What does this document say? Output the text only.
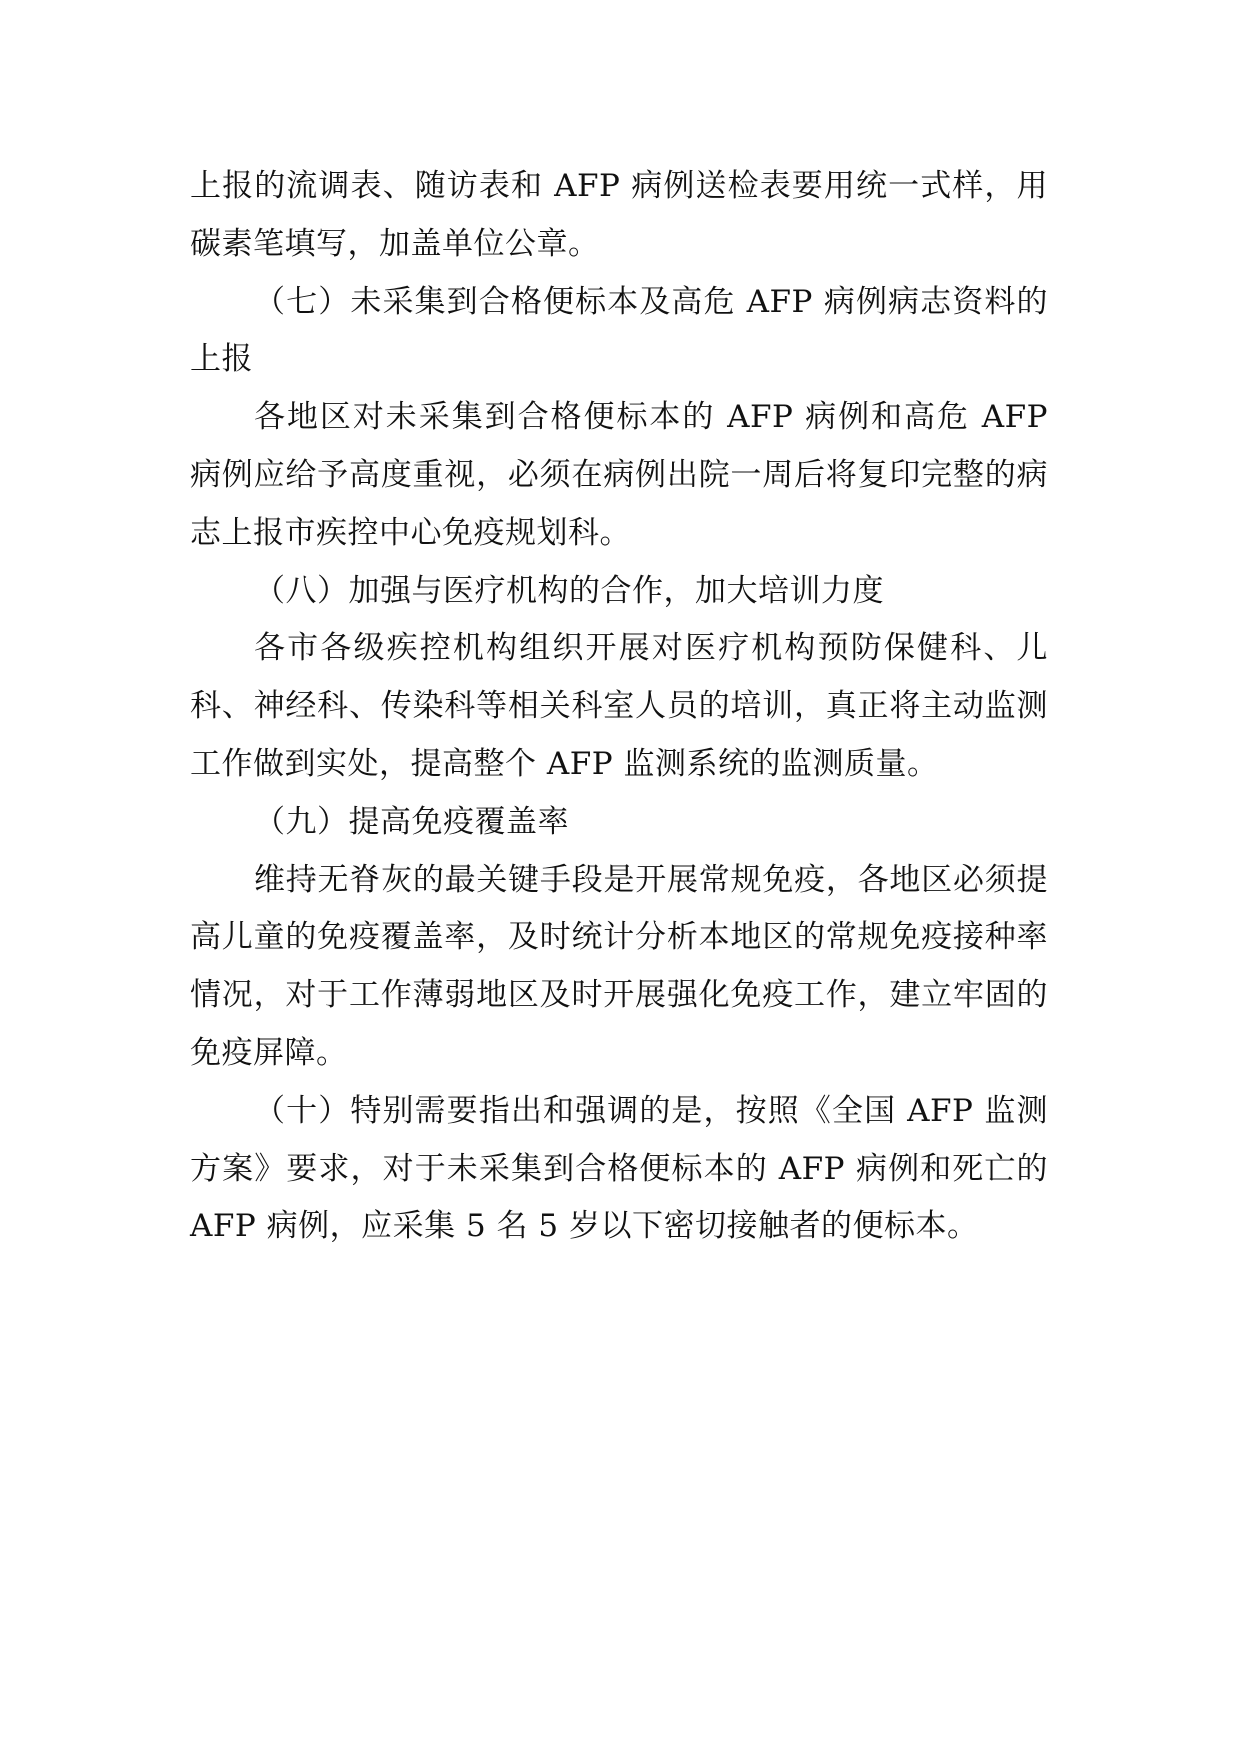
上报的流调表、随访表和 AFP 病例送检表要用统一式样，用碳素笔填写，加盖单位公章。

（七）未采集到合格便标本及高危 AFP 病例病志资料的上报

各地区对未采集到合格便标本的 AFP 病例和高危 AFP 病例应给予高度重视，必须在病例出院一周后将复印完整的病志上报市疾控中心免疫规划科。

（八）加强与医疗机构的合作，加大培训力度

各市各级疾控机构组织开展对医疗机构预防保健科、儿科、神经科、传染科等相关科室人员的培训，真正将主动监测工作做到实处，提高整个 AFP 监测系统的监测质量。

（九）提高免疫覆盖率

维持无脊灰的最关键手段是开展常规免疫，各地区必须提高儿童的免疫覆盖率，及时统计分析本地区的常规免疫接种率情况，对于工作薄弱地区及时开展强化免疫工作，建立牢固的免疫屏障。

（十）特别需要指出和强调的是，按照《全国 AFP 监测方案》要求，对于未采集到合格便标本的 AFP 病例和死亡的 AFP 病例，应采集 5 名 5 岁以下密切接触者的便标本。
